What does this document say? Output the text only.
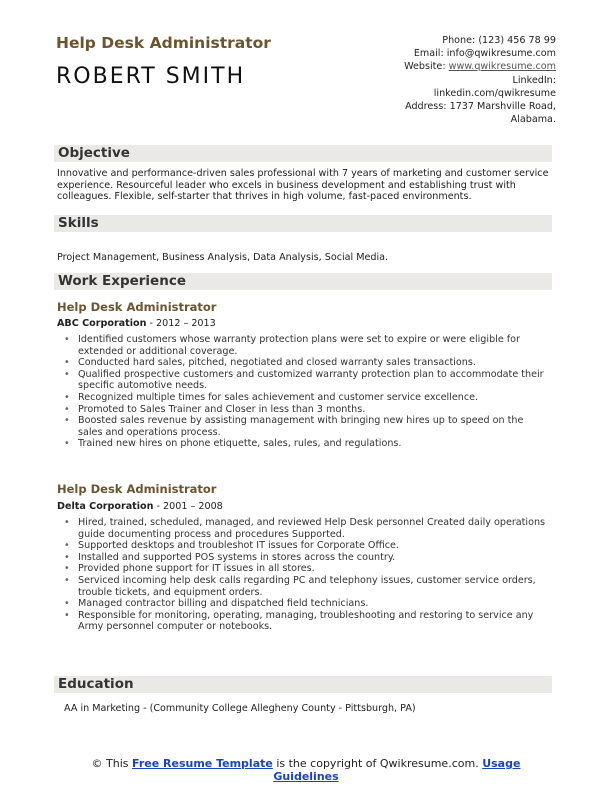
Help Desk Administrator
ROBERT SMITH
Phone: (123) 456 78 99
Email: info@qwikresume.com
Website: www.qwikresume.com
LinkedIn:
linkedin.com/qwikresume
Address: 1737 Marshville Road,
Alabama.
Objective
Innovative and performance-driven sales professional with 7 years of marketing and customer service experience. Resourceful leader who excels in business development and establishing trust with colleagues. Flexible, self-starter that thrives in high volume, fast-paced environments.
Skills
Project Management, Business Analysis, Data Analysis, Social Media.
Work Experience
Help Desk Administrator
ABC Corporation - 2012 – 2013
• Identified customers whose warranty protection plans were set to expire or were eligible for extended or additional coverage.
• Conducted hard sales, pitched, negotiated and closed warranty sales transactions.
• Qualified prospective customers and customized warranty protection plan to accommodate their specific automotive needs.
• Recognized multiple times for sales achievement and customer service excellence.
• Promoted to Sales Trainer and Closer in less than 3 months.
• Boosted sales revenue by assisting management with bringing new hires up to speed on the sales and operations process.
• Trained new hires on phone etiquette, sales, rules, and regulations.
Help Desk Administrator
Delta Corporation - 2001 – 2008
• Hired, trained, scheduled, managed, and reviewed Help Desk personnel Created daily operations guide documenting process and procedures Supported.
• Supported desktops and troubleshot IT issues for Corporate Office.
• Installed and supported POS systems in stores across the country.
• Provided phone support for IT issues in all stores.
• Serviced incoming help desk calls regarding PC and telephony issues, customer service orders, trouble tickets, and equipment orders.
• Managed contractor billing and dispatched field technicians.
• Responsible for monitoring, operating, managing, troubleshooting and restoring to service any Army personnel computer or notebooks.
Education
AA in Marketing - (Community College Allegheny County - Pittsburgh, PA)
© This Free Resume Template is the copyright of Qwikresume.com. Usage
Guidelines
